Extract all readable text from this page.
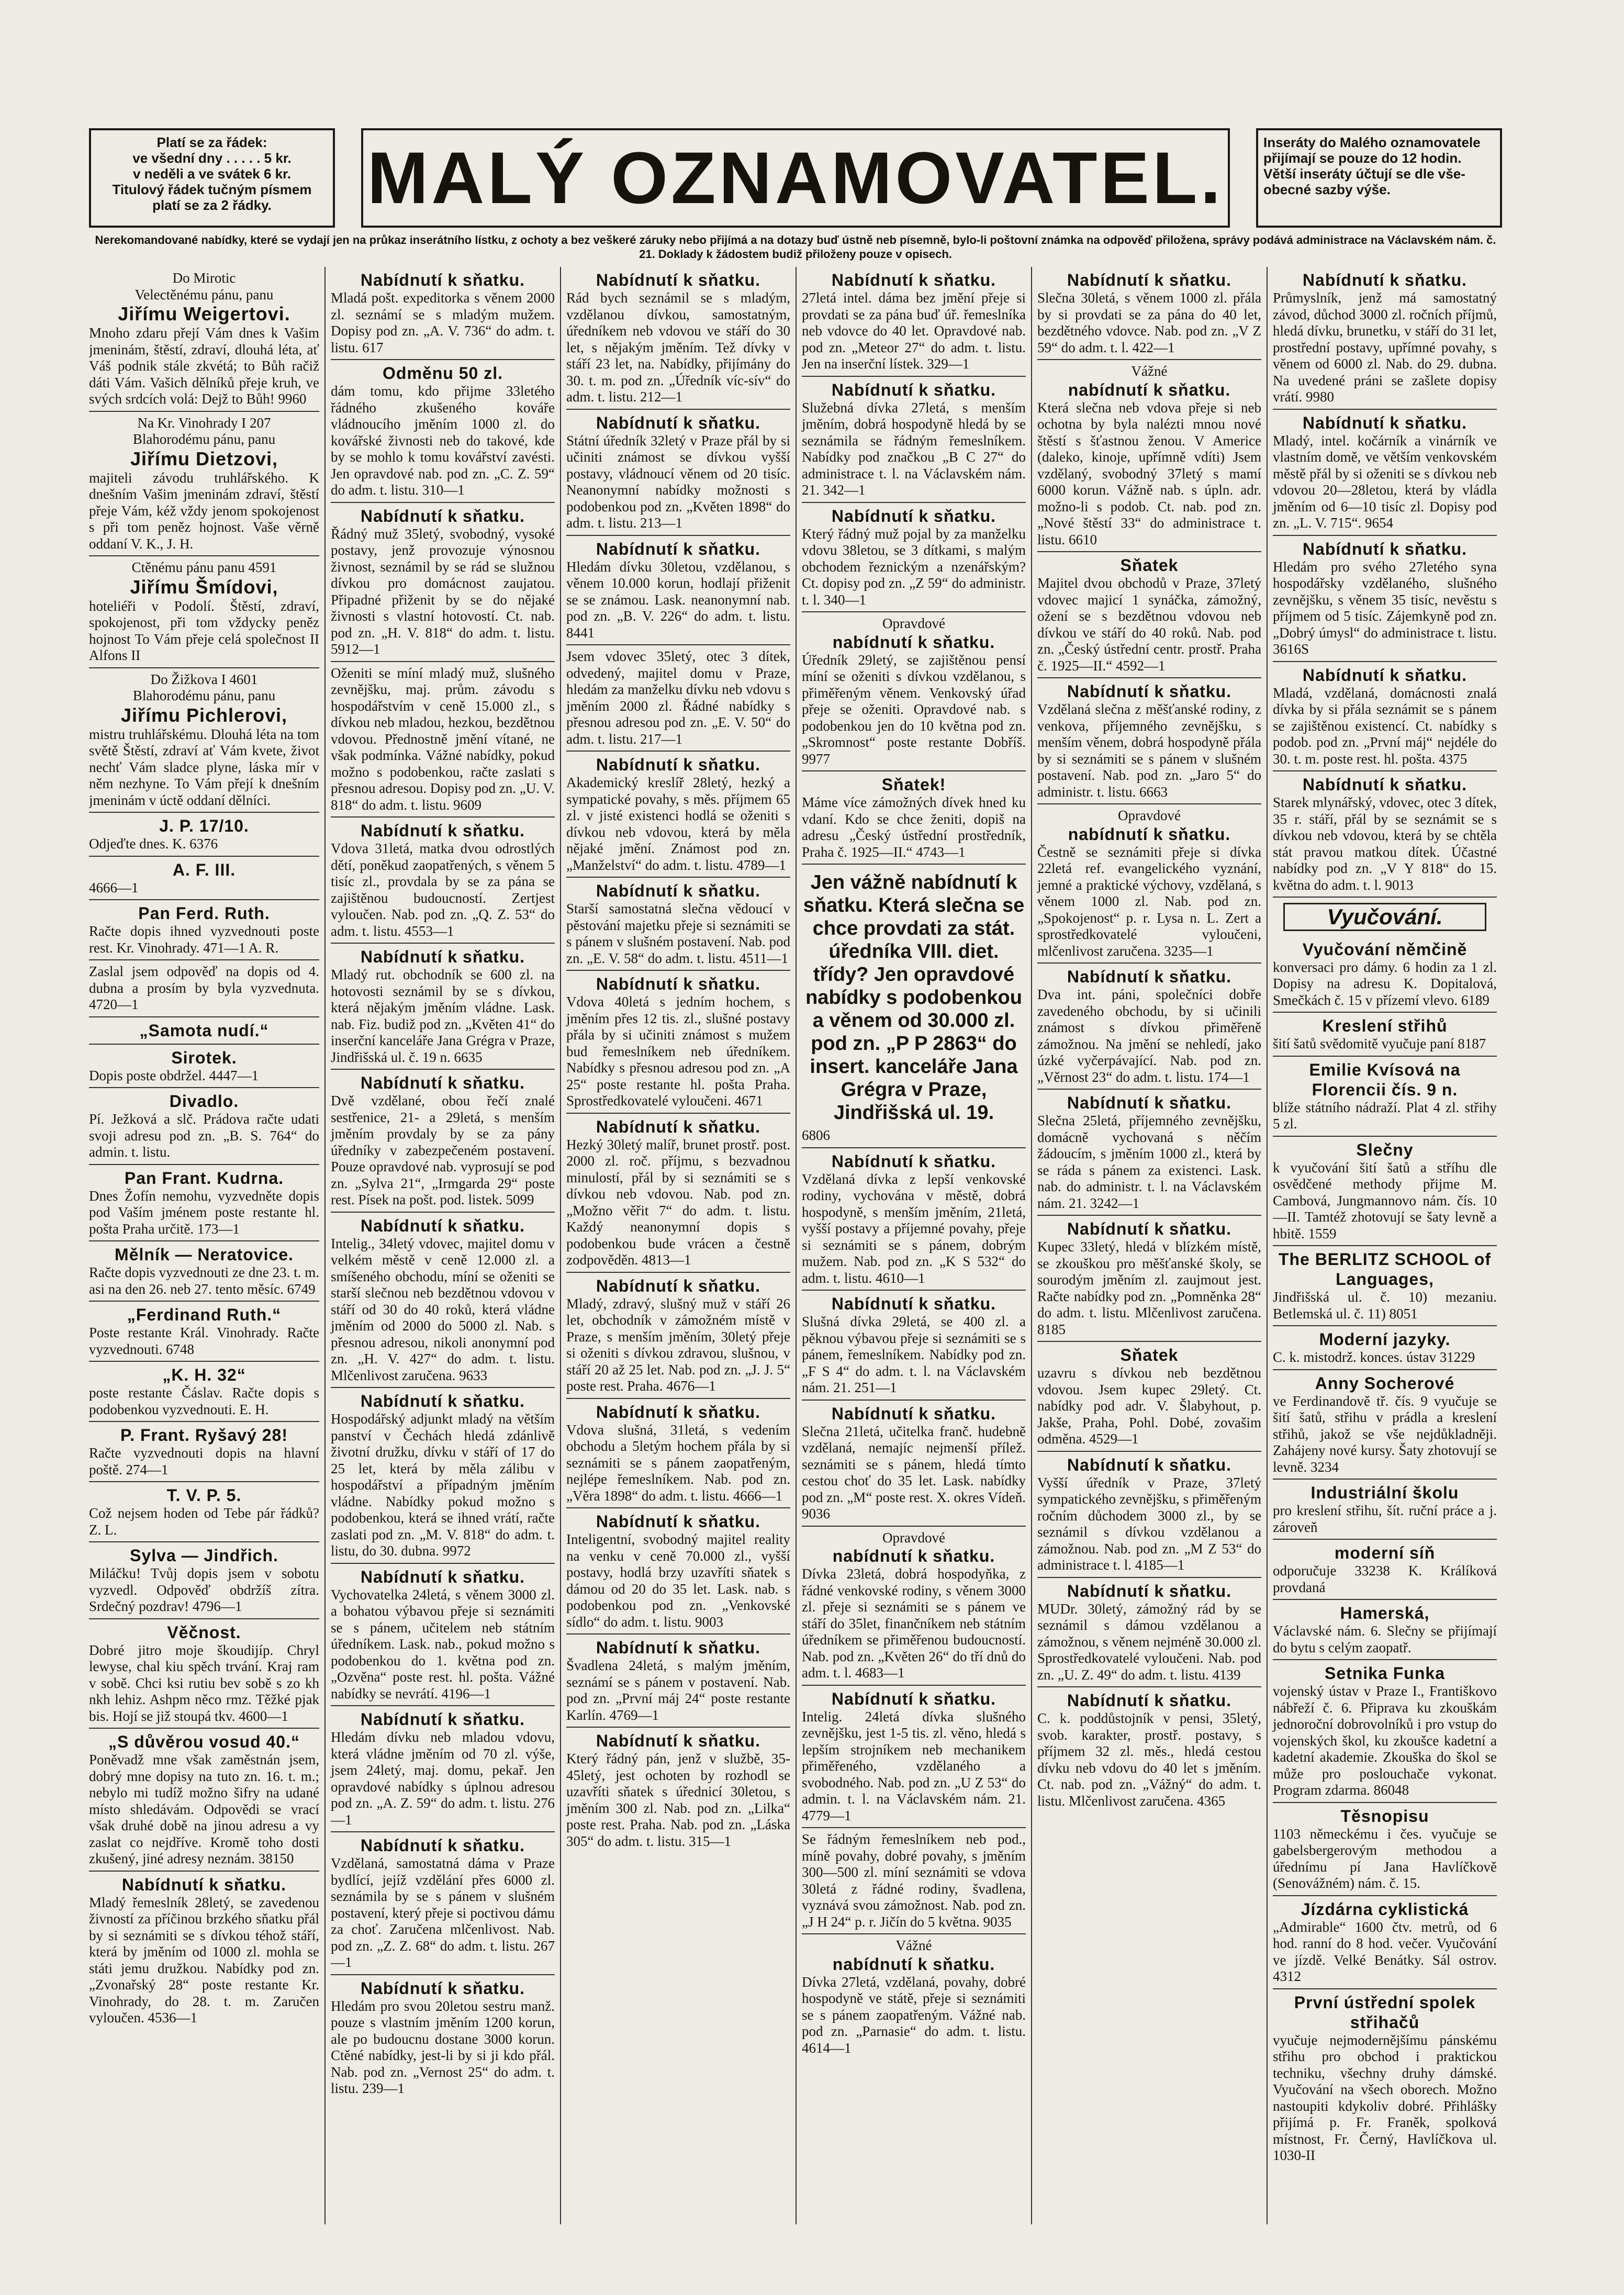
Platí se za řádek:
ve všední dny . . . . . 5 kr.
v neděli a ve svátek 6 kr.
Titulový řádek tučným písmem
platí se za 2 řádky.	MALÝ OZNAMOVATEL.	Inseráty do Malého oznamovatele
přijímají se pouze do 12 hodin.
Větší inseráty účtují se dle vše-
obecné sazby výše.
Nerekomandované nabídky, které se vydají jen na průkaz inserátního lístku, z ochoty a bez veškeré záruky nebo přijímá a na dotazy buď ústně neb písemně, bylo-li poštovní známka na odpověď přiložena, správy podává administrace na Václavském nám. č. 21. Doklady k žádostem budiž přiloženy pouze v opisech.
Do Mirotic
Velectěnému pánu, panu
Jiřímu Weigertovi.
Mnoho zdaru přejí Vám dnes k Vašim jmeninám, štěstí, zdraví, dlouhá léta, ať Váš podnik stále zkvétá; to Bůh račiž dáti Vám. Vašich dělníků přeje kruh, ve svých srdcích volá: Dejž to Bůh! 9960
Na Kr. Vinohrady I 207
Blahorodému pánu, panu
Jiřímu Dietzovi,
majiteli závodu truhlářského. K dnešním Vašim jmeninám zdraví, štěstí přeje Vám, kéž vždy jenom spokojenost s při tom peněz hojnost. Vaše věrně oddaní V. K., J. H.
Ctěnému pánu panu 4591
Jiřímu Šmídovi,
hoteliéři v Podolí. Štěstí, zdraví, spokojenost, při tom vždycky peněz hojnost To Vám přeje celá společnost II Alfons II
Do Žižkova I 4601
Blahorodému pánu, panu
Jiřímu Pichlerovi,
mistru truhlářskému. Dlouhá léta na tom světě Štěstí, zdraví ať Vám kvete, život nechť Vám sladce plyne, láska mír v něm nezhyne. To Vám přejí k dnešním jmeninám v úctě oddaní dělníci.
J. P. 17/10.
Odjeďte dnes. K. 6376
A. F. III.
4666—1
Pan Ferd. Ruth.
Račte dopis ihned vyzvednouti poste rest. Kr. Vinohrady. 471—1 A. R.
Zaslal jsem odpověď na dopis od 4. dubna a prosím by byla vyzvednuta. 4720—1
„Samota nudí.“
Sirotek.
Dopis poste obdržel. 4447—1
Divadlo.
Pí. Ježková a slč. Prádova račte udati svoji adresu pod zn. „B. S. 764“ do admin. t. listu.
Pan Frant. Kudrna.
Dnes Žofín nemohu, vyzvedněte dopis pod Vaším jménem poste restante hl. pošta Praha určitě. 173—1
Mělník — Neratovice.
Račte dopis vyzvednouti ze dne 23. t. m. asi na den 26. neb 27. tento měsíc. 6749
„Ferdinand Ruth.“
Poste restante Král. Vinohrady. Račte vyzvednouti. 6748
„K. H. 32“
poste restante Čáslav. Račte dopis s podobenkou vyzvednouti. E. H.
P. Frant. Ryšavý 28!
Račte vyzvednouti dopis na hlavní poště. 274—1
T. V. P. 5.
Což nejsem hoden od Tebe pár řádků? Z. L.
Sylva — Jindřich.
Miláčku! Tvůj dopis jsem v sobotu vyzvedl. Odpověď obdržíš zítra. Srdečný pozdrav! 4796—1
Věčnost.
Dobré jitro moje škoudijíp. Chryl lewyse, chal kiu spěch trvání. Kraj ram v sobě. Chci ksi rutiu bev sobě s zo kh nkh lehiz. Ashpm něco rmz. Těžké pjak bis. Hojí se již stoupá tkv. 4600—1
„S důvěrou vosud 40.“
Poněvadž mne však zaměstnán jsem, dobrý mne dopisy na tuto zn. 16. t. m.; nebylo mi tudíž možno šifry na udané místo shledávám. Odpovědi se vrací však druhé době na jinou adresu a vy zaslat co nejdříve. Kromě toho dosti zkušený, jiné adresy neznám. 38150
Nabídnutí k sňatku.
Mladý řemeslník 28letý, se zavedenou živností za příčinou brzkého sňatku přál by si seznámiti se s dívkou téhož stáří, která by jměním od 1000 zl. mohla se státi jemu družkou. Nabídky pod zn. „Zvonařský 28“ poste restante Kr. Vinohrady, do 28. t. m. Zaručen vyloučen. 4536—1
Nabídnutí k sňatku.
Mladá pošt. expeditorka s věnem 2000 zl. seznámí se s mladým mužem. Dopisy pod zn. „A. V. 736“ do adm. t. listu. 617
Odměnu 50 zl.
dám tomu, kdo přijme 33letého řádného zkušeného kováře vládnoucího jměním 1000 zl. do kovářské živnosti neb do takové, kde by se mohlo k tomu kovářství zavésti. Jen opravdové nab. pod zn. „C. Z. 59“ do adm. t. listu. 310—1
Nabídnutí k sňatku.
Řádný muž 35letý, svobodný, vysoké postavy, jenž provozuje výnosnou živnost, seznámil by se rád se služnou dívkou pro domácnost zaujatou. Připadné přiženit by se do nějaké živnosti s vlastní hotovostí. Ct. nab. pod zn. „H. V. 818“ do adm. t. listu. 5912—1
Oženiti se míní mladý muž, slušného zevnějšku, maj. prům. závodu s hospodářstvím v ceně 15.000 zl., s dívkou neb mladou, hezkou, bezdětnou vdovou. Přednostně jmění vítané, ne však podmínka. Vážné nabídky, pokud možno s podobenkou, račte zaslati s přesnou adresou. Dopisy pod zn. „U. V. 818“ do adm. t. listu. 9609
Nabídnutí k sňatku.
Vdova 31letá, matka dvou odrostlých dětí, poněkud zaopatřených, s věnem 5 tisíc zl., provdala by se za pána se zajištěnou budoucností. Zertjest vyloučen. Nab. pod zn. „Q. Z. 53“ do adm. t. listu. 4553—1
Nabídnutí k sňatku.
Mladý rut. obchodník se 600 zl. na hotovosti seznámil by se s dívkou, která nějakým jměním vládne. Lask. nab. Fiz. budiž pod zn. „Květen 41“ do inserční kanceláře Jana Grégra v Praze, Jindřišská ul. č. 19 n. 6635
Nabídnutí k sňatku.
Dvě vzdělané, obou řečí znalé sestřenice, 21- a 29letá, s menším jměním provdaly by se za pány úředníky v zabezpečeném postavení. Pouze opravdové nab. vyprosují se pod zn. „Sylva 21“, „Irmgarda 29“ poste rest. Písek na pošt. pod. listek. 5099
Nabídnutí k sňatku.
Intelig., 34letý vdovec, majitel domu v velkém městě v ceně 12.000 zl. a smíšeného obchodu, míní se oženiti se starší slečnou neb bezdětnou vdovou v stáří od 30 do 40 roků, která vládne jměním od 2000 do 5000 zl. Nab. s přesnou adresou, nikoli anonymní pod zn. „H. V. 427“ do adm. t. listu. Mlčenlivost zaručena. 9633
Nabídnutí k sňatku.
Hospodářský adjunkt mladý na větším panství v Čechách hledá zdánlivě životní družku, dívku v stáří of 17 do 25 let, která by měla zálibu v hospodářství a případným jměním vládne. Nabídky pokud možno s podobenkou, která se ihned vrátí, račte zaslati pod zn. „M. V. 818“ do adm. t. listu, do 30. dubna. 9972
Nabídnutí k sňatku.
Vychovatelka 24letá, s věnem 3000 zl. a bohatou výbavou přeje si seznámiti se s pánem, učitelem neb státním úředníkem. Lask. nab., pokud možno s podobenkou do 1. května pod zn. „Ozvěna“ poste rest. hl. pošta. Vážné nabídky se nevrátí. 4196—1
Nabídnutí k sňatku.
Hledám dívku neb mladou vdovu, která vládne jměním od 70 zl. výše, jsem 24letý, maj. domu, pekař. Jen opravdové nabídky s úplnou adresou pod zn. „A. Z. 59“ do adm. t. listu. 276—1
Nabídnutí k sňatku.
Vzdělaná, samostatná dáma v Praze bydlící, jejíž vzdělání přes 6000 zl. seznámila by se s pánem v slušném postavení, který přeje si poctivou dámu za choť. Zaručena mlčenlivost. Nab. pod zn. „Z. Z. 68“ do adm. t. listu. 267—1
Nabídnutí k sňatku.
Hledám pro svou 20letou sestru manž. pouze s vlastním jměním 1200 korun, ale po budoucnu dostane 3000 korun. Ctěné nabídky, jest-li by si ji kdo přál. Nab. pod zn. „Vernost 25“ do adm. t. listu. 239—1
Nabídnutí k sňatku.
Rád bych seznámil se s mladým, vzdělanou dívkou, samostatným, úředníkem neb vdovou ve stáří do 30 let, s nějakým jměním. Tež dívky v stáří 23 let, na. Nabídky, přijímány do 30. t. m. pod zn. „Úředník víc-sív“ do adm. t. listu. 212—1
Nabídnutí k sňatku.
Státní úředník 32letý v Praze přál by si učiniti známost se dívkou vyšší postavy, vládnoucí věnem od 20 tisíc. Neanonymní nabídky možnosti s podobenkou pod zn. „Květen 1898“ do adm. t. listu. 213—1
Nabídnutí k sňatku.
Hledám dívku 30letou, vzdělanou, s věnem 10.000 korun, hodlají přiženit se se známou. Lask. neanonymní nab. pod zn. „B. V. 226“ do adm. t. listu. 8441
Jsem vdovec 35letý, otec 3 dítek, odvedený, majitel domu v Praze, hledám za manželku dívku neb vdovu s jměním 2000 zl. Řádné nabídky s přesnou adresou pod zn. „E. V. 50“ do adm. t. listu. 217—1
Nabídnutí k sňatku.
Akademický kreslíř 28letý, hezký a sympatické povahy, s měs. příjmem 65 zl. v jisté existenci hodlá se oženiti s dívkou neb vdovou, která by měla nějaké jmění. Známost pod zn. „Manželství“ do adm. t. listu. 4789—1
Nabídnutí k sňatku.
Starší samostatná slečna vědoucí v pěstování majetku přeje si seznámiti se s pánem v slušném postavení. Nab. pod zn. „E. V. 58“ do adm. t. listu. 4511—1
Nabídnutí k sňatku.
Vdova 40letá s jedním hochem, s jměním přes 12 tis. zl., slušné postavy přála by si učiniti známost s mužem bud řemeslníkem neb úředníkem. Nabídky s přesnou adresou pod zn. „A 25“ poste restante hl. pošta Praha. Sprostředkovatelé vyloučeni. 4671
Nabídnutí k sňatku.
Hezký 30letý malíř, brunet prostř. post. 2000 zl. roč. příjmu, s bezvadnou minulostí, přál by si seznámiti se s dívkou neb vdovou. Nab. pod zn. „Možno věřit 7“ do adm. t. listu. Každý neanonymní dopis s podobenkou bude vrácen a čestně zodpověděn. 4813—1
Nabídnutí k sňatku.
Mladý, zdravý, slušný muž v stáří 26 let, obchodník v zámožném místě v Praze, s menším jměním, 30letý přeje si oženiti s dívkou zdravou, slušnou, v stáří 20 až 25 let. Nab. pod zn. „J. J. 5“ poste rest. Praha. 4676—1
Nabídnutí k sňatku.
Vdova slušná, 31letá, s vedením obchodu a 5letým hochem přála by si seznámiti se s pánem zaopatřeným, nejlépe řemeslníkem. Nab. pod zn. „Věra 1898“ do adm. t. listu. 4666—1
Nabídnutí k sňatku.
Inteligentní, svobodný majitel reality na venku v ceně 70.000 zl., vyšší postavy, hodlá brzy uzavříti sňatek s dámou od 20 do 35 let. Lask. nab. s podobenkou pod zn. „Venkovské sídlo“ do adm. t. listu. 9003
Nabídnutí k sňatku.
Švadlena 24letá, s malým jměním, seznámí se s pánem v postavení. Nab. pod zn. „První máj 24“ poste restante Karlín. 4769—1
Nabídnutí k sňatku.
Který řádný pán, jenž v službě, 35-45letý, jest ochoten by rozhodl se uzavříti sňatek s úřednicí 30letou, s jměním 300 zl. Nab. pod zn. „Lilka“ poste rest. Praha. Nab. pod zn. „Láska 305“ do adm. t. listu. 315—1
Nabídnutí k sňatku.
27letá intel. dáma bez jmění přeje si provdati se za pána buď úř. řemeslníka neb vdovce do 40 let. Opravdové nab. pod zn. „Meteor 27“ do adm. t. listu. Jen na inserční lístek. 329—1
Nabídnutí k sňatku.
Služebná dívka 27letá, s menším jměním, dobrá hospodyně hledá by se seznámila se řádným řemeslníkem. Nabídky pod značkou „B C 27“ do administrace t. l. na Václavském nám. 21. 342—1
Nabídnutí k sňatku.
Který řádný muž pojal by za manželku vdovu 38letou, se 3 dítkami, s malým obchodem řeznickým a nzenářským? Ct. dopisy pod zn. „Z 59“ do administr. t. l. 340—1
Opravdové
nabídnutí k sňatku.
Úředník 29letý, se zajištěnou pensí míní se oženiti s dívkou vzdělanou, s přiměřeným věnem. Venkovský úřad přeje se oženiti. Opravdové nab. s podobenkou jen do 10 května pod zn. „Skromnost“ poste restante Dobříš. 9977
Sňatek!
Máme více zámožných dívek hned ku vdaní. Kdo se chce ženiti, dopiš na adresu „Český ústřední prostředník, Praha č. 1925—II.“ 4743—1
Jen vážně nabídnutí k sňatku. Která slečna se chce provdati za stát. úředníka VIII. diet. třídy? Jen opravdové nabídky s podobenkou a věnem od 30.000 zl. pod zn. „P P 2863“ do insert. kanceláře Jana Grégra v Praze, Jindřišská ul. 19.
6806
Nabídnutí k sňatku.
Vzdělaná dívka z lepší venkovské rodiny, vychována v městě, dobrá hospodyně, s menším jměním, 21letá, vyšší postavy a příjemné povahy, přeje si seznámiti se s pánem, dobrým mužem. Nab. pod zn. „K S 532“ do adm. t. listu. 4610—1
Nabídnutí k sňatku.
Slušná dívka 29letá, se 400 zl. a pěknou výbavou přeje si seznámiti se s pánem, řemeslníkem. Nabídky pod zn. „F S 4“ do adm. t. l. na Václavském nám. 21. 251—1
Nabídnutí k sňatku.
Slečna 21letá, učitelka franč. hudebně vzdělaná, nemajíc nejmenší přílež. seznámiti se s pánem, hledá tímto cestou choť do 35 let. Lask. nabídky pod zn. „M“ poste rest. X. okres Vídeň. 9036
Opravdové
nabídnutí k sňatku.
Dívka 23letá, dobrá hospodyňka, z řádné venkovské rodiny, s věnem 3000 zl. přeje si seznámiti se s pánem ve stáří do 35let, finančníkem neb státním úředníkem se přiměřenou budoucností. Nab. pod zn. „Květen 26“ do tří dnů do adm. t. l. 4683—1
Nabídnutí k sňatku.
Intelig. 24letá dívka slušného zevnějšku, jest 1-5 tis. zl. věno, hledá s lepším strojníkem neb mechanikem přiměřeného, vzdělaného a svobodného. Nab. pod zn. „U Z 53“ do admin. t. l. na Václavském nám. 21. 4779—1
Se řádným řemeslníkem neb pod., míně povahy, dobré povahy, s jměním 300—500 zl. míní seznámiti se vdova 30letá z řádné rodiny, švadlena, vyznává svou zámožnost. Nab. pod zn. „J H 24“ p. r. Jičín do 5 května. 9035
Vážné
nabídnutí k sňatku.
Dívka 27letá, vzdělaná, povahy, dobré hospodyně ve státě, přeje si seznámiti se s pánem zaopatřeným. Vážné nab. pod zn. „Parnasie“ do adm. t. listu. 4614—1
Nabídnutí k sňatku.
Slečna 30letá, s věnem 1000 zl. přála by si provdati se za pána do 40 let, bezdětného vdovce. Nab. pod zn. „V Z 59“ do adm. t. l. 422—1
Vážné
nabídnutí k sňatku.
Která slečna neb vdova přeje si neb ochotna by byla nalézti mnou nové štěstí s šťastnou ženou. V Americe (daleko, kinoje, upřímně vdíti) Jsem vzdělaný, svobodný 37letý s mamí 6000 korun. Vážně nab. s úpln. adr. možno-li s podob. Ct. nab. pod zn. „Nové štěstí 33“ do administrace t. listu. 6610
Sňatek
Majitel dvou obchodů v Praze, 37letý vdovec majicí 1 synáčka, zámožný, ožení se s bezdětnou vdovou neb dívkou ve stáří do 40 roků. Nab. pod zn. „Český ústřední centr. prostř. Praha č. 1925—II.“ 4592—1
Nabídnutí k sňatku.
Vzdělaná slečna z měšťanské rodiny, z venkova, příjemného zevnějšku, s menším věnem, dobrá hospodyně přála by si seznámiti se s pánem v slušném postavení. Nab. pod zn. „Jaro 5“ do administr. t. listu. 6663
Opravdové
nabídnutí k sňatku.
Čestně se seznámiti přeje si dívka 22letá ref. evangelického vyznání, jemné a praktické výchovy, vzdělaná, s věnem 1000 zl. Nab. pod zn. „Spokojenost“ p. r. Lysa n. L. Zert a sprostředkovatelé vyloučeni, mlčenlivost zaručena. 3235—1
Nabídnutí k sňatku.
Dva int. páni, společníci dobře zavedeného obchodu, by si učinili známost s dívkou přiměřeně zámožnou. Na jmění se nehledí, jako úzké vyčerpávající. Nab. pod zn. „Věrnost 23“ do adm. t. listu. 174—1
Nabídnutí k sňatku.
Slečna 25letá, příjemného zevnějšku, domácně vychovaná s něčím žádoucím, s jměním 1000 zl., která by se ráda s pánem za existenci. Lask. nab. do administr. t. l. na Václavském nám. 21. 3242—1
Nabídnutí k sňatku.
Kupec 33letý, hledá v blízkém místě, se zkouškou pro měšťanské školy, se sourodým jměním zl. zaujmout jest. Račte nabídky pod zn. „Pomněnka 28“ do adm. t. listu. Mlčenlivost zaručena. 8185
Sňatek
uzavru s dívkou neb bezdětnou vdovou. Jsem kupec 29letý. Ct. nabídky pod adr. V. Šlabyhout, p. Jakše, Praha, Pohl. Dobé, zovašim odměna. 4529—1
Nabídnutí k sňatku.
Vyšší úředník v Praze, 37letý sympatického zevnějšku, s přiměřeným ročním důchodem 3000 zl., by se seznámil s dívkou vzdělanou a zámožnou. Nab. pod zn. „M Z 53“ do administrace t. l. 4185—1
Nabídnutí k sňatku.
MUDr. 30letý, zámožný rád by se seznámil s dámou vzdělanou a zámožnou, s věnem nejméně 30.000 zl. Sprostředkovatelé vyloučeni. Nab. pod zn. „U. Z. 49“ do adm. t. listu. 4139
Nabídnutí k sňatku.
C. k. poddůstojník v pensi, 35letý, svob. karakter, prostř. postavy, s příjmem 32 zl. měs., hledá cestou dívku neb vdovu do 40 let s jměním. Ct. nab. pod zn. „Vážný“ do adm. t. listu. Mlčenlivost zaručena. 4365
Nabídnutí k sňatku.
Průmyslník, jenž má samostatný závod, důchod 3000 zl. ročních příjmů, hledá dívku, brunetku, v stáří do 31 let, prostřední postavy, upřímné povahy, s věnem od 6000 zl. Nab. do 29. dubna. Na uvedené práni se zašlete dopisy vrátí. 9980
Nabídnutí k sňatku.
Mladý, intel. kočárník a vinárník ve vlastním domě, ve větším venkovském městě přál by si oženiti se s dívkou neb vdovou 20—28letou, která by vládla jměním od 6—10 tisíc zl. Dopisy pod zn. „L. V. 715“. 9654
Nabídnutí k sňatku.
Hledám pro svého 27letého syna hospodářsky vzdělaného, slušného zevnějšku, s věnem 35 tisíc, nevěstu s příjmem od 5 tisíc. Zájemkyně pod zn. „Dobrý úmysl“ do administrace t. listu. 3616S
Nabídnutí k sňatku.
Mladá, vzdělaná, domácnosti znalá dívka by si přála seznámit se s pánem se zajištěnou existencí. Ct. nabídky s podob. pod zn. „První máj“ nejdéle do 30. t. m. poste rest. hl. pošta. 4375
Nabídnutí k sňatku.
Starek mlynářský, vdovec, otec 3 dítek, 35 r. stáří, přál by se seznámit se s dívkou neb vdovou, která by se chtěla stát pravou matkou dítek. Účastné nabídky pod zn. „V Y 818“ do 15. května do adm. t. l. 9013
Vyučování.
Vyučování němčině
konversaci pro dámy. 6 hodin za 1 zl. Dopisy na adresu K. Dopitalová, Smečkách č. 15 v přízemí vlevo. 6189
Kreslení střihů
šití šatů svědomitě vyučuje paní 8187
Emilie Kvísová na Florencii čís. 9 n.
blíže státního nádraží. Plat 4 zl. střihy 5 zl.
Slečny
k vyučování šití šatů a stříhu dle osvědčené methody přijme M. Cambová, Jungmannovo nám. čís. 10—II. Tamtéž zhotovují se šaty levně a hbitě. 1559
The BERLITZ SCHOOL of Languages,
Jindřišská ul. č. 10) mezaniu. Betlemská ul. č. 11) 8051
Moderní jazyky.
C. k. mistodrž. konces. ústav 31229
Anny Socherové
ve Ferdinandově tř. čís. 9 vyučuje se šití šatů, střihu v prádla a kreslení střihů, jakož se vše nejdůkladněji. Zahájeny nové kursy. Šaty zhotovují se levně. 3234
Industriální školu
pro kreslení střihu, šít. ruční práce a j. zároveň
moderní síň
odporučuje 33238 K. Králíková provdaná
Hamerská,
Václavské nám. 6. Slečny se přijímají do bytu s celým zaopatř.
Setnika Funka
vojenský ústav v Praze I., Františkovo nábřeží č. 6. Připrava ku zkouškám jednoroční dobrovolníků i pro vstup do vojenských škol, ku zkoušce kadetní a kadetní akademie. Zkouška do škol se může pro poslouchače vykonat. Program zdarma. 86048
Těsnopisu
1103 německému i čes. vyučuje se gabelsbergerovým methodou a úřednímu pí Jana Havlíčkově (Senovážném) nám. č. 15.
Jízdárna cyklistická
„Admirable“ 1600 čtv. metrů, od 6 hod. ranní do 8 hod. večer. Vyučování ve jízdě. Velké Benátky. Sál ostrov. 4312
První ústřední spolek střihačů
vyučuje nejmodernějšímu pánskému střihu pro obchod i praktickou techniku, všechny druhy dámské. Vyučování na všech oborech. Možno nastoupiti kdykoliv dobré. Přihlášky přijímá p. Fr. Franěk, spolková místnost, Fr. Černý, Havlíčkova ul. 1030-II
